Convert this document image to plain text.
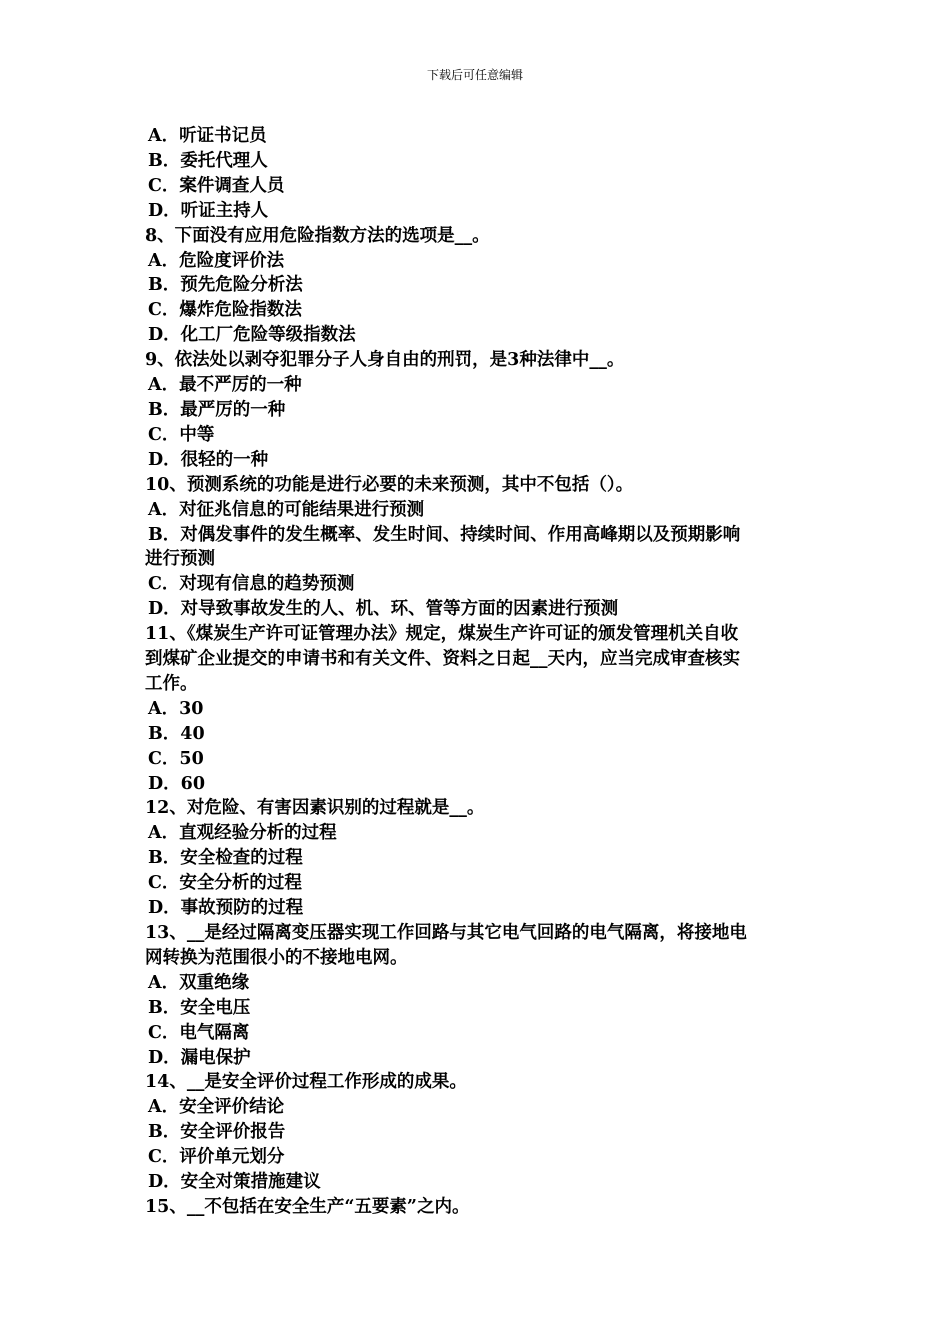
下载后可任意编辑
A．听证书记员
B．委托代理人
C．案件调查人员
D．听证主持人
8、下面没有应用危险指数方法的选项是__。
A．危险度评价法
B．预先危险分析法
C．爆炸危险指数法
D．化工厂危险等级指数法
9、依法处以剥夺犯罪分子人身自由的刑罚，是3种法律中__。
A．最不严厉的一种
B．最严厉的一种
C．中等
D．很轻的一种
10、预测系统的功能是进行必要的未来预测，其中不包括（）。
A．对征兆信息的可能结果进行预测
B．对偶发事件的发生概率、发生时间、持续时间、作用高峰期以及预期影响
进行预测
C．对现有信息的趋势预测
D．对导致事故发生的人、机、环、管等方面的因素进行预测
11、《煤炭生产许可证管理办法》规定，煤炭生产许可证的颁发管理机关自收
到煤矿企业提交的申请书和有关文件、资料之日起__天内，应当完成审查核实
工作。
A．30
B．40
C．50
D．60
12、对危险、有害因素识别的过程就是__。
A．直观经验分析的过程
B．安全检查的过程
C．安全分析的过程
D．事故预防的过程
13、__是经过隔离变压器实现工作回路与其它电气回路的电气隔离，将接地电
网转换为范围很小的不接地电网。
A．双重绝缘
B．安全电压
C．电气隔离
D．漏电保护
14、__是安全评价过程工作形成的成果。
A．安全评价结论
B．安全评价报告
C．评价单元划分
D．安全对策措施建议
15、__不包括在安全生产“五要素”之内。
